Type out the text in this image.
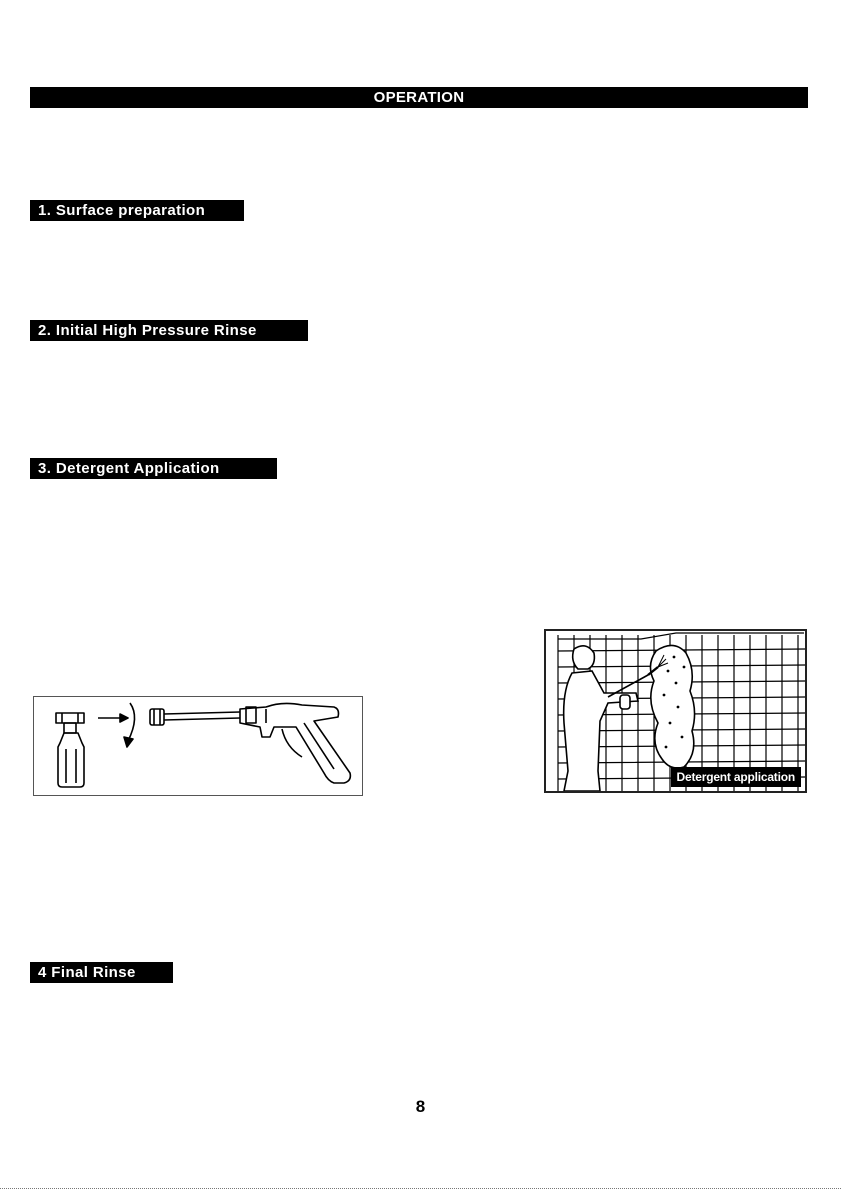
OPERATION
1. Surface preparation
2. Initial High Pressure Rinse
3. Detergent Application
Detergent application
4 Final Rinse
8
